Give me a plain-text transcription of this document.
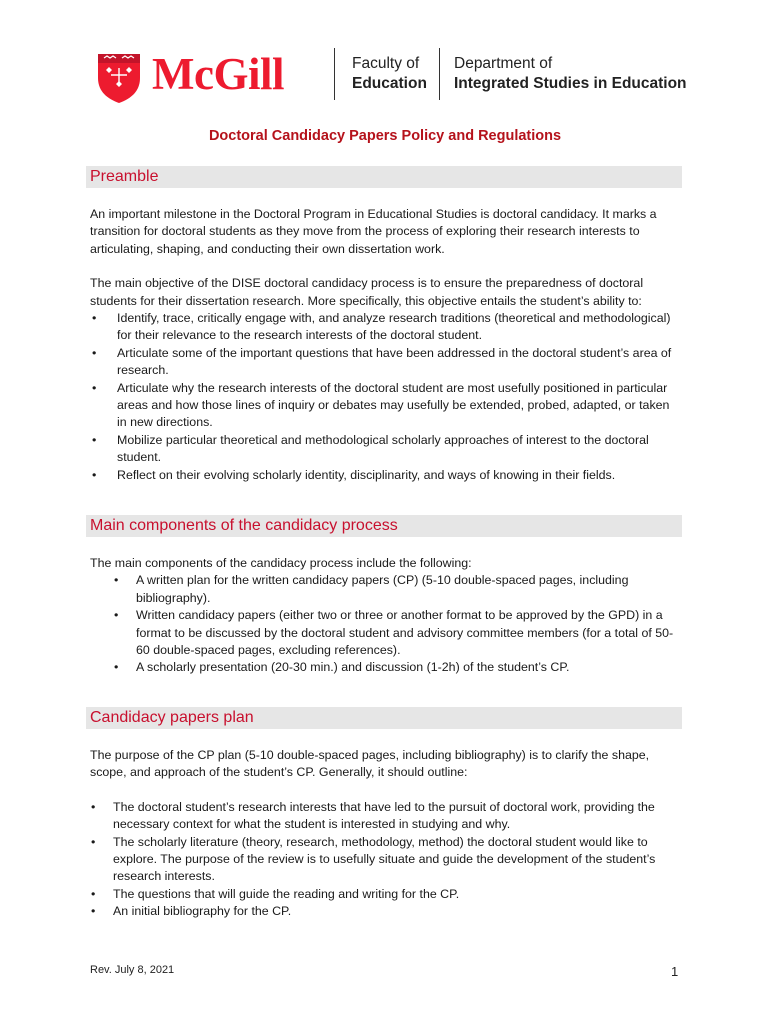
McGill	Faculty of
Education
Department of
Integrated Studies in Education
Doctoral Candidacy Papers Policy and Regulations
Preamble

An important milestone in the Doctoral Program in Educational Studies is doctoral candidacy. It marks a transition for doctoral students as they move from the process of exploring their research interests to articulating, shaping, and conducting their own dissertation work.

The main objective of the DISE doctoral candidacy process is to ensure the preparedness of doctoral students for their dissertation research. More specifically, this objective entails the student’s ability to:

• Identify, trace, critically engage with, and analyze research traditions (theoretical and methodological) for their relevance to the research interests of the doctoral student.
• Articulate some of the important questions that have been addressed in the doctoral student’s area of research.
• Articulate why the research interests of the doctoral student are most usefully positioned in particular areas and how those lines of inquiry or debates may usefully be extended, probed, adapted, or taken in new directions.
• Mobilize particular theoretical and methodological scholarly approaches of interest to the doctoral student.
• Reflect on their evolving scholarly identity, disciplinarity, and ways of knowing in their fields.
Main components of the candidacy process

The main components of the candidacy process include the following:

• A written plan for the written candidacy papers (CP) (5-10 double-spaced pages, including bibliography).
• Written candidacy papers (either two or three or another format to be approved by the GPD) in a format to be discussed by the doctoral student and advisory committee members (for a total of 50-60 double-spaced pages, excluding references).
• A scholarly presentation (20-30 min.) and discussion (1-2h) of the student’s CP.
Candidacy papers plan

The purpose of the CP plan (5-10 double-spaced pages, including bibliography) is to clarify the shape, scope, and approach of the student’s CP. Generally, it should outline:

• The doctoral student’s research interests that have led to the pursuit of doctoral work, providing the necessary context for what the student is interested in studying and why.
• The scholarly literature (theory, research, methodology, method) the doctoral student would like to explore. The purpose of the review is to usefully situate and guide the development of the student’s research interests.
• The questions that will guide the reading and writing for the CP.
• An initial bibliography for the CP.
Rev. July 8, 2021	1
